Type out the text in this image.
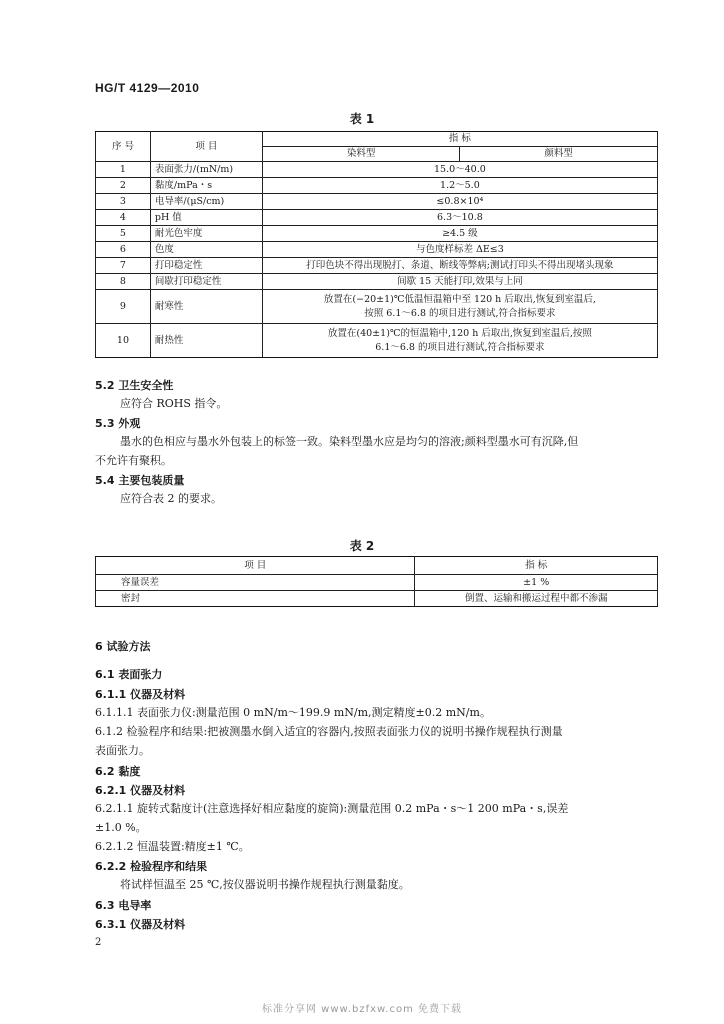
HG/T 4129—2010
表 1
序 号	项 目	指 标	
		染料型	颜料型
1	表面张力/(mN/m)	15.0～40.0	
2	黏度/mPa・s	1.2～5.0	
3	电导率/(μS/cm)	≤0.8×10⁴	
4	pH 值	6.3～10.8	
5	耐光色牢度	≥4.5 级	
6	色度	与色度样标差 ΔE≤3	
7	打印稳定性	打印色块不得出现脱打、条道、断线等弊病;测试打印头不得出现堵头现象	
8	间歇打印稳定性	间歇 15 天能打印,效果与上同	
9	耐寒性	放置在(−20±1)℃低温恒温箱中至 120 h 后取出,恢复到室温后,
按照 6.1～6.8 的项目进行测试,符合指标要求	

10	耐热性	放置在(40±1)℃的恒温箱中,120 h 后取出,恢复到室温后,按照
6.1～6.8 的项目进行测试,符合指标要求	
5.2 卫生安全性
应符合 ROHS 指令。
5.3 外观
墨水的色相应与墨水外包装上的标签一致。染料型墨水应是均匀的溶液;颜料型墨水可有沉降,但
不允许有聚积。
5.4 主要包装质量
应符合表 2 的要求。
表 2
项 目	指 标
容量误差	±1 %
密封	倒置、运输和搬运过程中都不渗漏
6 试验方法
6.1 表面张力
6.1.1 仪器及材料
6.1.1.1 表面张力仪:测量范围 0 mN/m～199.9 mN/m,测定精度±0.2 mN/m。
6.1.2 检验程序和结果:把被测墨水倒入适宜的容器内,按照表面张力仪的说明书操作规程执行测量
表面张力。
6.2 黏度
6.2.1 仪器及材料
6.2.1.1 旋转式黏度计(注意选择好相应黏度的旋筒):测量范围 0.2 mPa・s～1 200 mPa・s,误差
±1.0 %。
6.2.1.2 恒温装置:精度±1 ℃。
6.2.2 检验程序和结果
将试样恒温至 25 ℃,按仪器说明书操作规程执行测量黏度。
6.3 电导率
6.3.1 仪器及材料
2
标准分享网 www.bzfxw.com 免费下载
